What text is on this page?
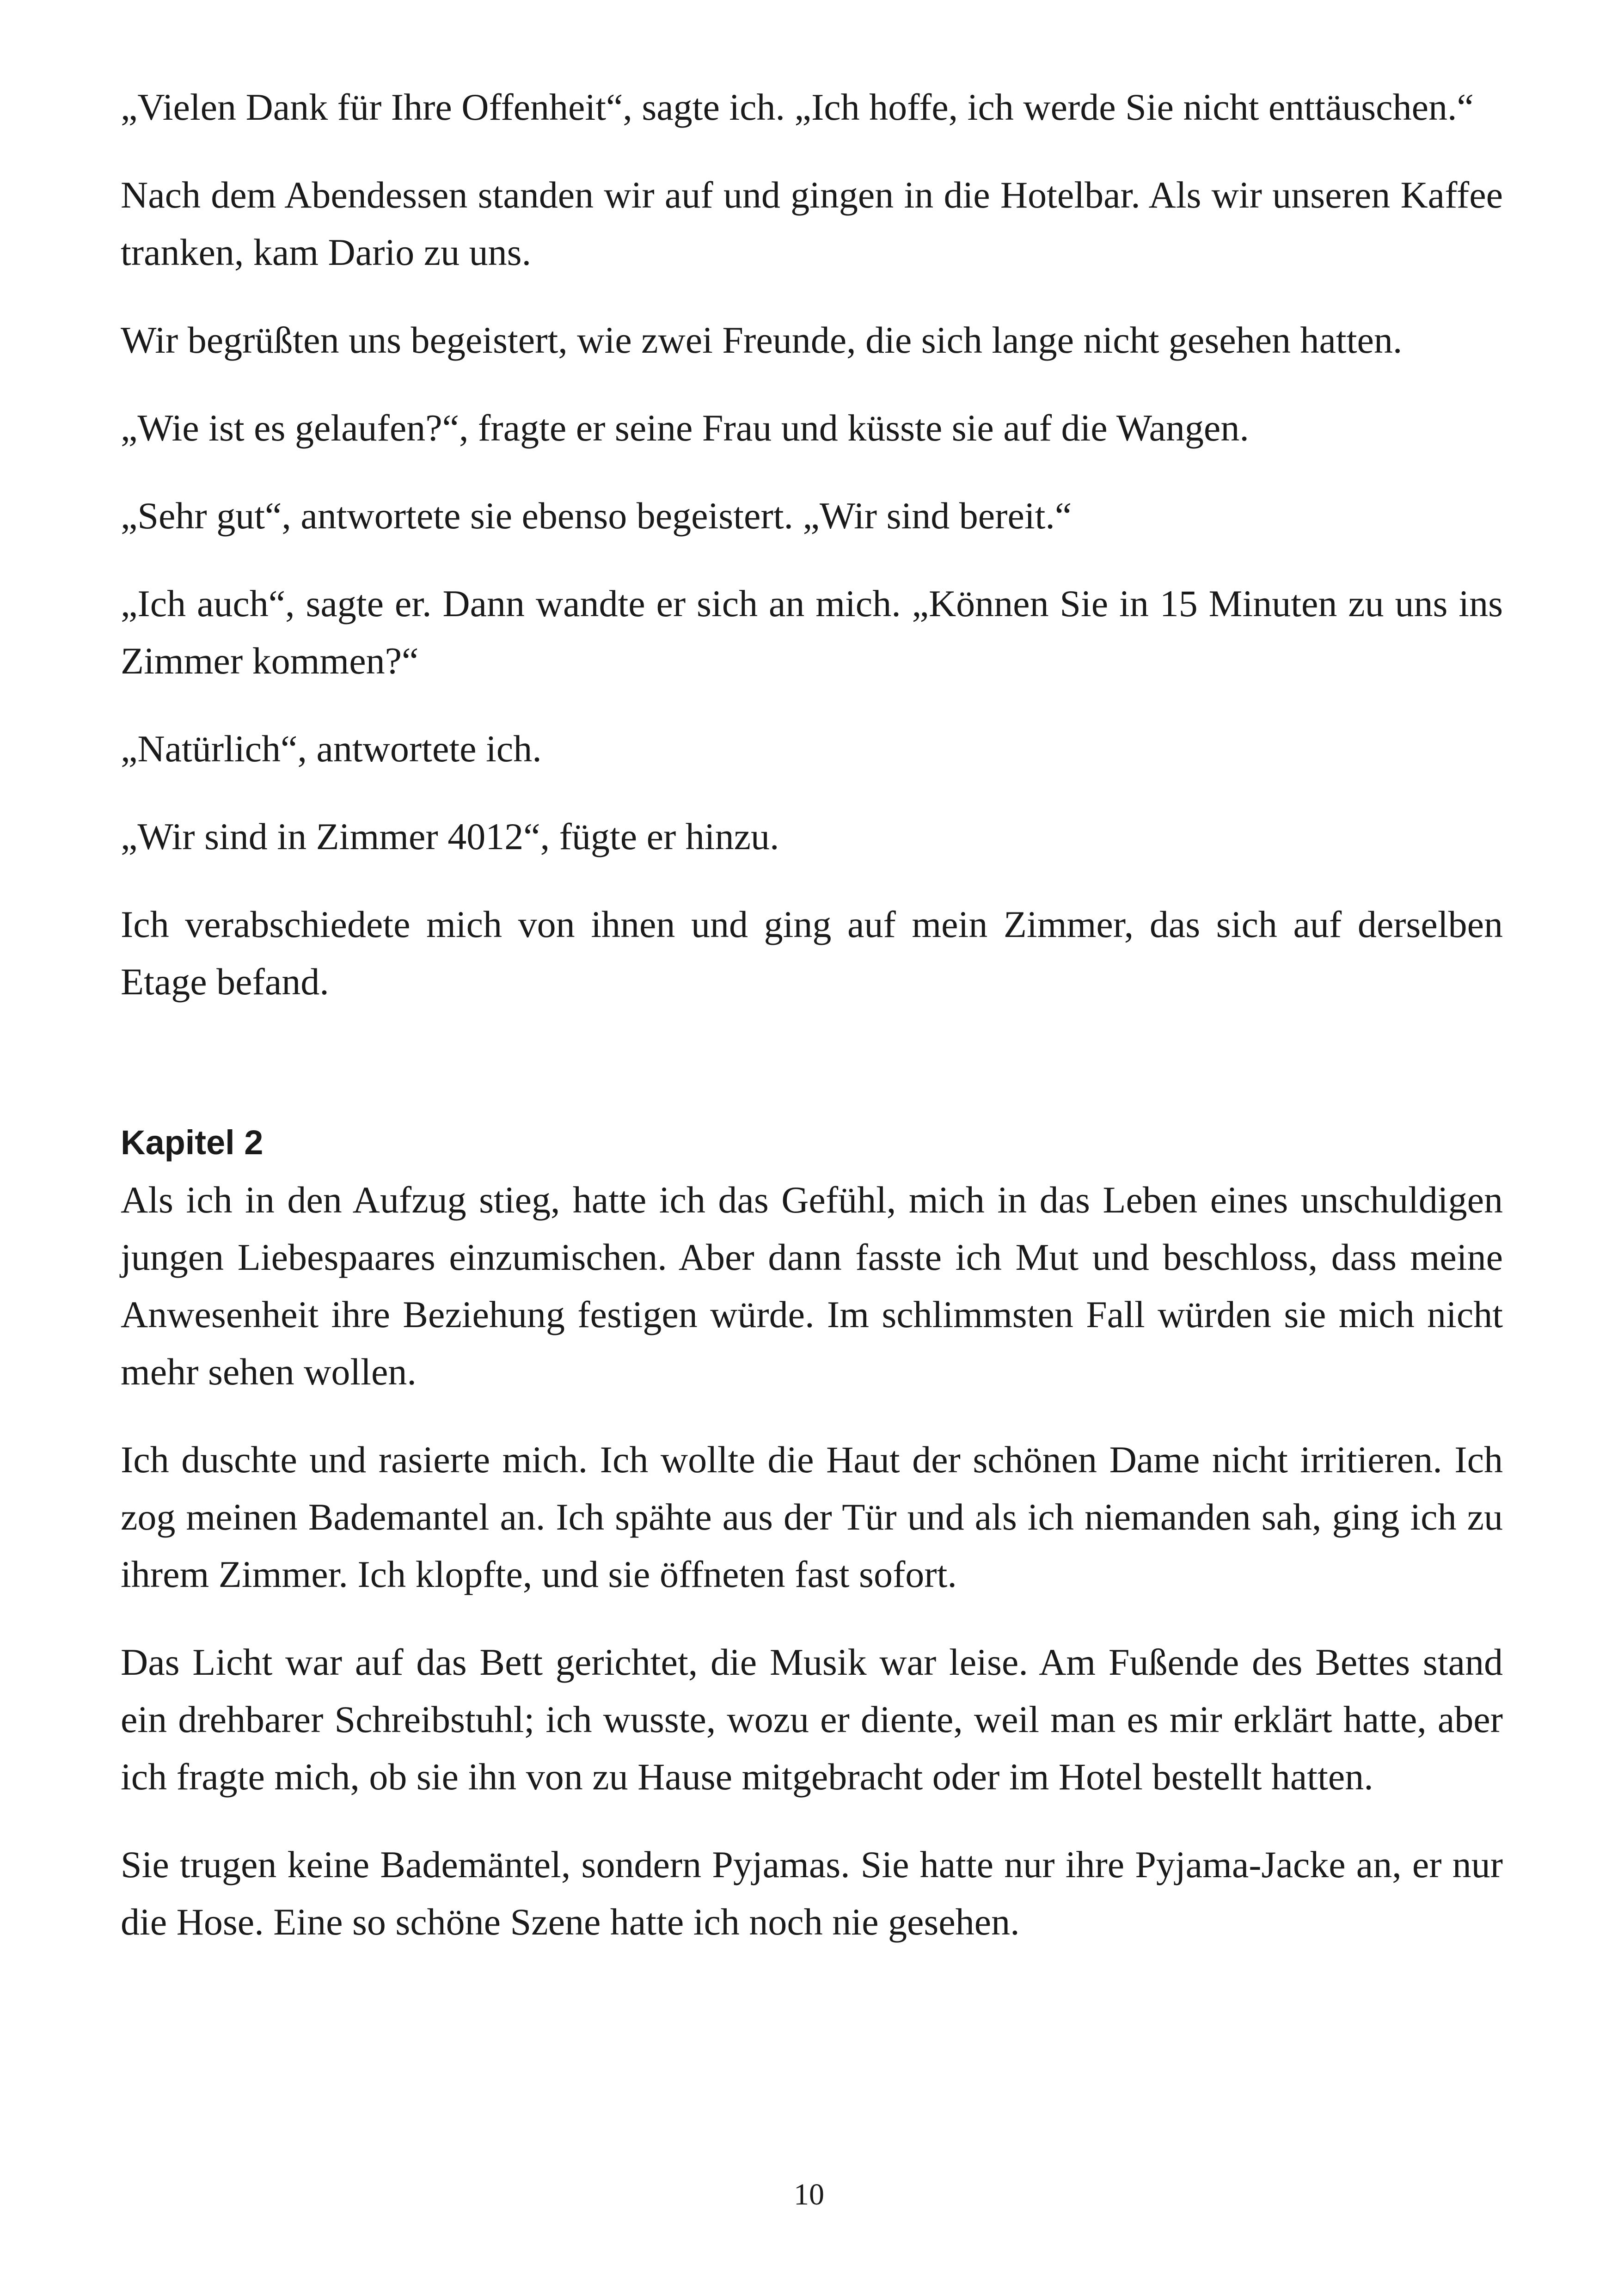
„Vielen Dank für Ihre Offenheit“, sagte ich. „Ich hoffe, ich werde Sie nicht enttäuschen.“

Nach dem Abendessen standen wir auf und gingen in die Hotelbar. Als wir unseren Kaffee tranken, kam Dario zu uns.

Wir begrüßten uns begeistert, wie zwei Freunde, die sich lange nicht gesehen hatten.

„Wie ist es gelaufen?“, fragte er seine Frau und küsste sie auf die Wangen.

„Sehr gut“, antwortete sie ebenso begeistert. „Wir sind bereit.“

„Ich auch“, sagte er. Dann wandte er sich an mich. „Können Sie in 15 Minuten zu uns ins Zimmer kommen?“

„Natürlich“, antwortete ich.

„Wir sind in Zimmer 4012“, fügte er hinzu.

Ich verabschiedete mich von ihnen und ging auf mein Zimmer, das sich auf derselben Etage befand.

Kapitel 2

Als ich in den Aufzug stieg, hatte ich das Gefühl, mich in das Leben eines unschuldigen jungen Liebespaares einzumischen. Aber dann fasste ich Mut und beschloss, dass meine Anwesenheit ihre Beziehung festigen würde. Im schlimmsten Fall würden sie mich nicht mehr sehen wollen.

Ich duschte und rasierte mich. Ich wollte die Haut der schönen Dame nicht irritieren. Ich zog meinen Bademantel an. Ich spähte aus der Tür und als ich niemanden sah, ging ich zu ihrem Zimmer. Ich klopfte, und sie öffneten fast sofort.

Das Licht war auf das Bett gerichtet, die Musik war leise. Am Fußende des Bettes stand ein drehbarer Schreibstuhl; ich wusste, wozu er diente, weil man es mir erklärt hatte, aber ich fragte mich, ob sie ihn von zu Hause mitgebracht oder im Hotel bestellt hatten.

Sie trugen keine Bademäntel, sondern Pyjamas. Sie hatte nur ihre Pyjama-Jacke an, er nur die Hose. Eine so schöne Szene hatte ich noch nie gesehen.

10
